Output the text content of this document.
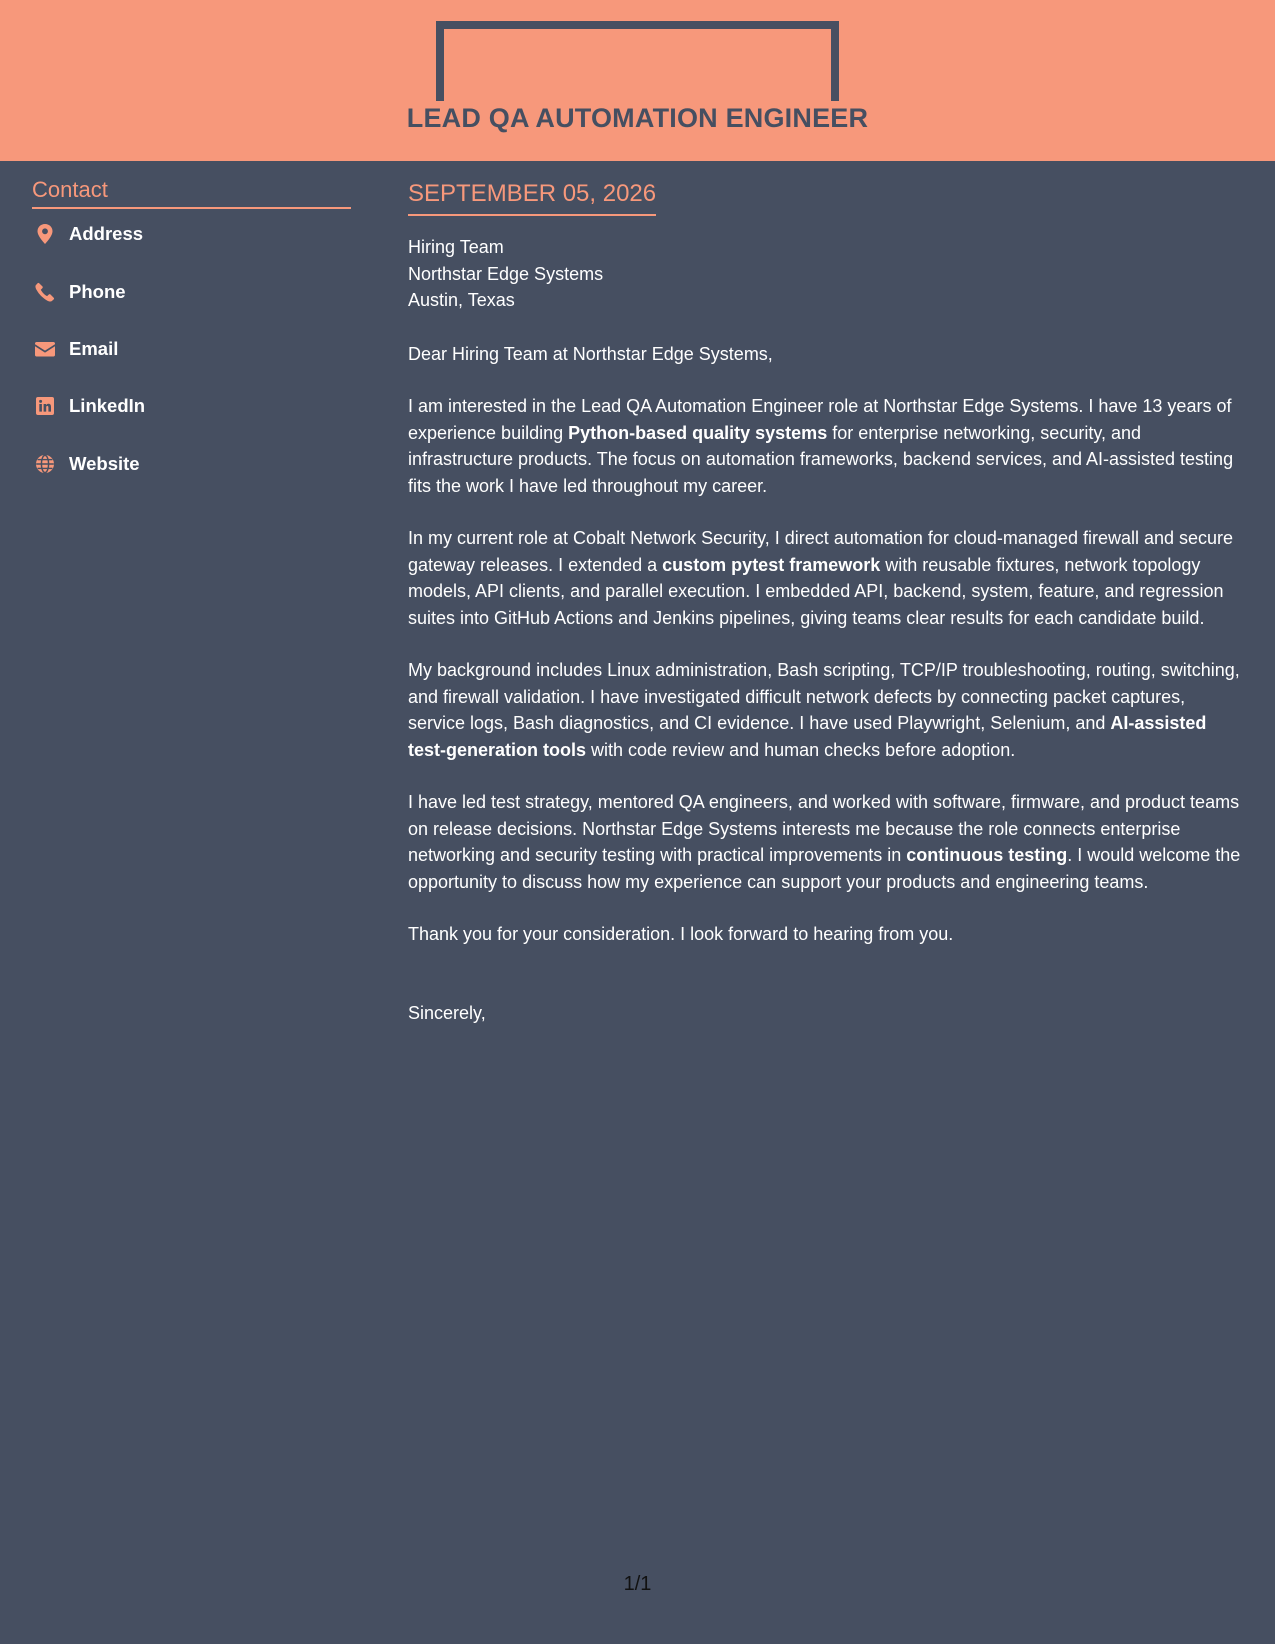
LEAD QA AUTOMATION ENGINEER
Contact
Address
Phone
Email
LinkedIn
Website
SEPTEMBER 05, 2026
Hiring Team
Northstar Edge Systems
Austin, Texas
Dear Hiring Team at Northstar Edge Systems,
I am interested in the Lead QA Automation Engineer role at Northstar Edge Systems. I have 13 years of experience building Python-based quality systems for enterprise networking, security, and infrastructure products. The focus on automation frameworks, backend services, and AI-assisted testing fits the work I have led throughout my career.
In my current role at Cobalt Network Security, I direct automation for cloud-managed firewall and secure gateway releases. I extended a custom pytest framework with reusable fixtures, network topology models, API clients, and parallel execution. I embedded API, backend, system, feature, and regression suites into GitHub Actions and Jenkins pipelines, giving teams clear results for each candidate build.
My background includes Linux administration, Bash scripting, TCP/IP troubleshooting, routing, switching, and firewall validation. I have investigated difficult network defects by connecting packet captures, service logs, Bash diagnostics, and CI evidence. I have used Playwright, Selenium, and AI-assisted test-generation tools with code review and human checks before adoption.
I have led test strategy, mentored QA engineers, and worked with software, firmware, and product teams on release decisions. Northstar Edge Systems interests me because the role connects enterprise networking and security testing with practical improvements in continuous testing. I would welcome the opportunity to discuss how my experience can support your products and engineering teams.
Thank you for your consideration. I look forward to hearing from you.
Sincerely,
1/1
